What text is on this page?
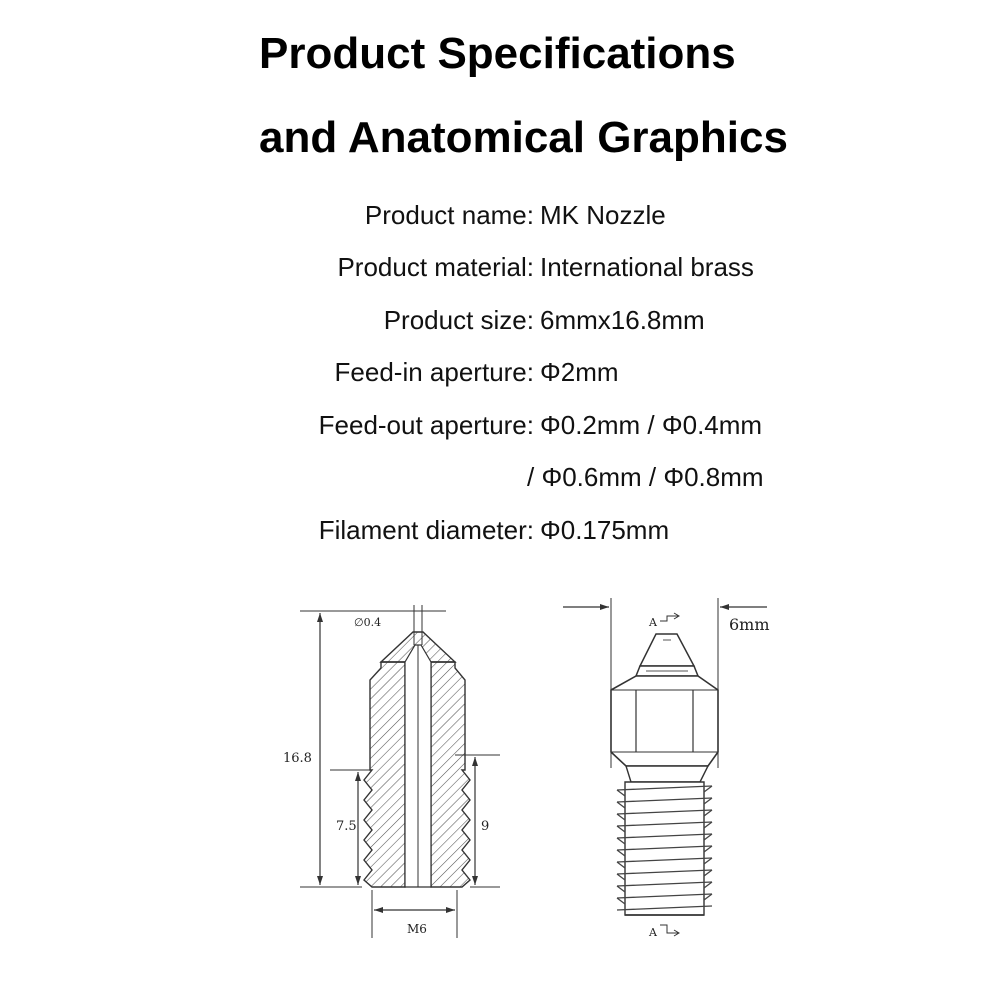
Product Specifications
and Anatomical Graphics
Product name: MK Nozzle
Product material: International brass
Product size: 6mmx16.8mm
Feed-in aperture: Φ2mm
Feed-out aperture: Φ0.2mm / Φ0.4mm
/ Φ0.6mm / Φ0.8mm
Filament diameter: Φ0.175mm
∅0.4
16.8
7.5	9
M6
6mm
A
A
